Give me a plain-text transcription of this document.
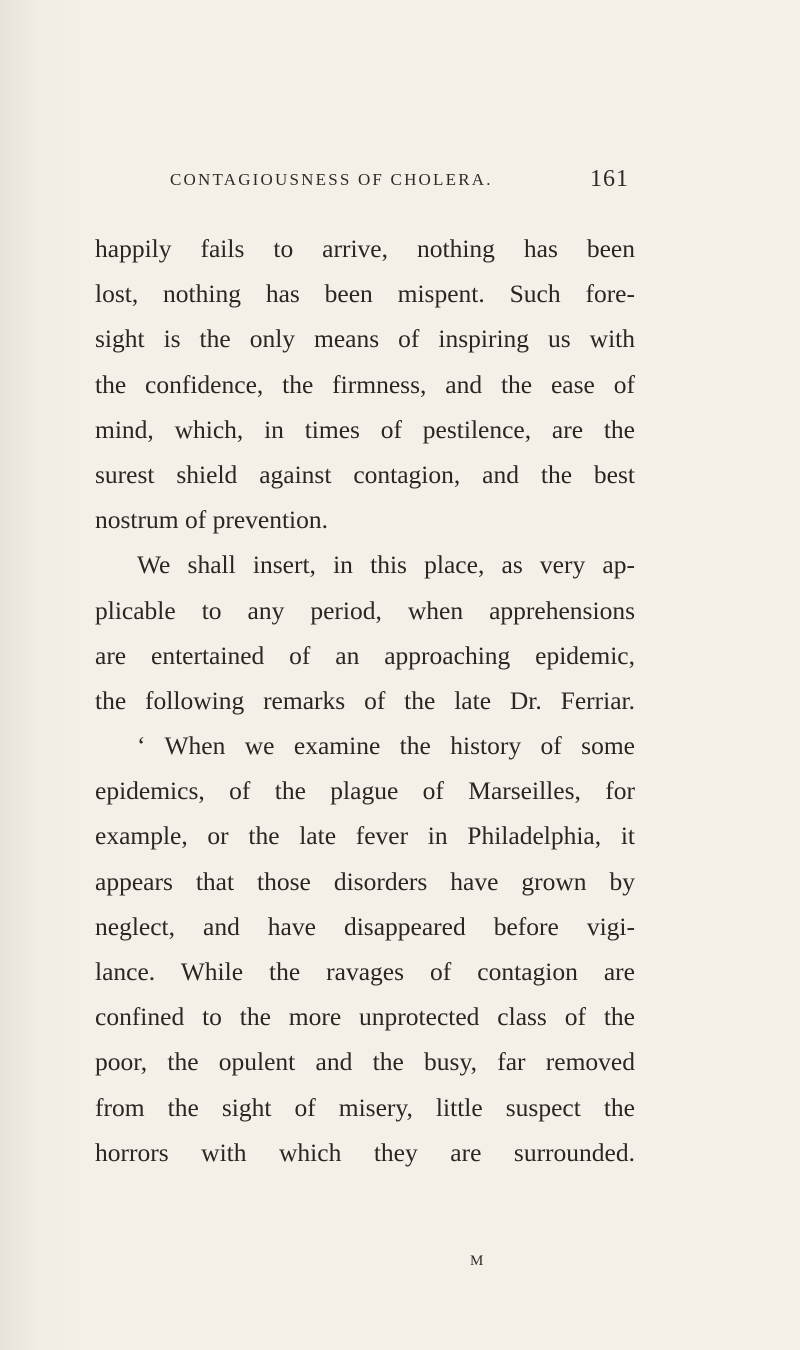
CONTAGIOUSNESS OF CHOLERA.	161
happily fails to arrive, nothing has been
lost, nothing has been mispent. Such fore-
sight is the only means of inspiring us with
the confidence, the firmness, and the ease of
mind, which, in times of pestilence, are the
surest shield against contagion, and the best
nostrum of prevention.
We shall insert, in this place, as very ap-
plicable to any period, when apprehensions
are entertained of an approaching epidemic,
the following remarks of the late Dr. Ferriar.
‘ When we examine the history of some
epidemics, of the plague of Marseilles, for
example, or the late fever in Philadelphia, it
appears that those disorders have grown by
neglect, and have disappeared before vigi-
lance. While the ravages of contagion are
confined to the more unprotected class of the
poor, the opulent and the busy, far removed
from the sight of misery, little suspect the
horrors with which they are surrounded.
M
